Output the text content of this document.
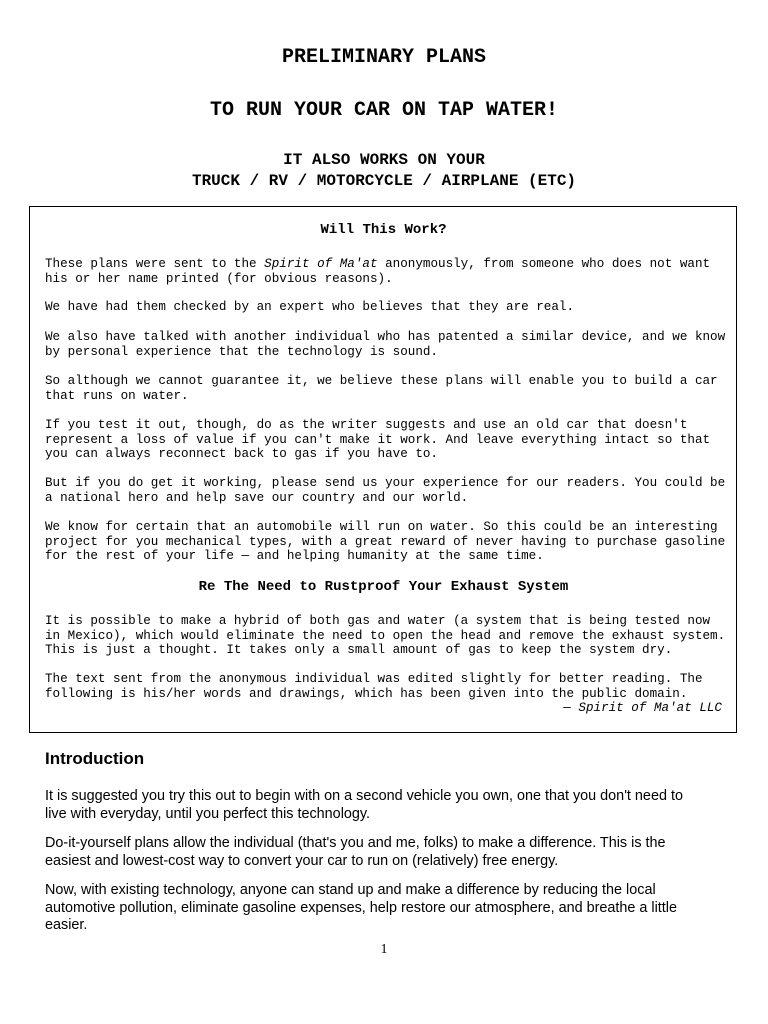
PRELIMINARY PLANS
TO RUN YOUR CAR ON TAP WATER!
IT ALSO WORKS ON YOUR
TRUCK / RV / MOTORCYCLE / AIRPLANE (ETC)
Will This Work?

These plans were sent to the Spirit of Ma'at anonymously, from someone who does not want
his or her name printed (for obvious reasons).

We have had them checked by an expert who believes that they are real.

We also have talked with another individual who has patented a similar device, and we know
by personal experience that the technology is sound.

So although we cannot guarantee it, we believe these plans will enable you to build a car
that runs on water.

If you test it out, though, do as the writer suggests and use an old car that doesn't
represent a loss of value if you can't make it work. And leave everything intact so that
you can always reconnect back to gas if you have to.

But if you do get it working, please send us your experience for our readers. You could be
a national hero and help save our country and our world.

We know for certain that an automobile will run on water. So this could be an interesting
project for you mechanical types, with a great reward of never having to purchase gasoline
for the rest of your life — and helping humanity at the same time.

Re The Need to Rustproof Your Exhaust System

It is possible to make a hybrid of both gas and water (a system that is being tested now
in Mexico), which would eliminate the need to open the head and remove the exhaust system.
This is just a thought. It takes only a small amount of gas to keep the system dry.

The text sent from the anonymous individual was edited slightly for better reading. The
following is his/her words and drawings, which has been given into the public domain.
— Spirit of Ma'at LLC

Introduction

It is suggested you try this out to begin with on a second vehicle you own, one that you don't need to
live with everyday, until you perfect this technology.

Do-it-yourself plans allow the individual (that's you and me, folks) to make a difference. This is the
easiest and lowest-cost way to convert your car to run on (relatively) free energy.

Now, with existing technology, anyone can stand up and make a difference by reducing the local
automotive pollution, eliminate gasoline expenses, help restore our atmosphere, and breathe a little
easier.

1
